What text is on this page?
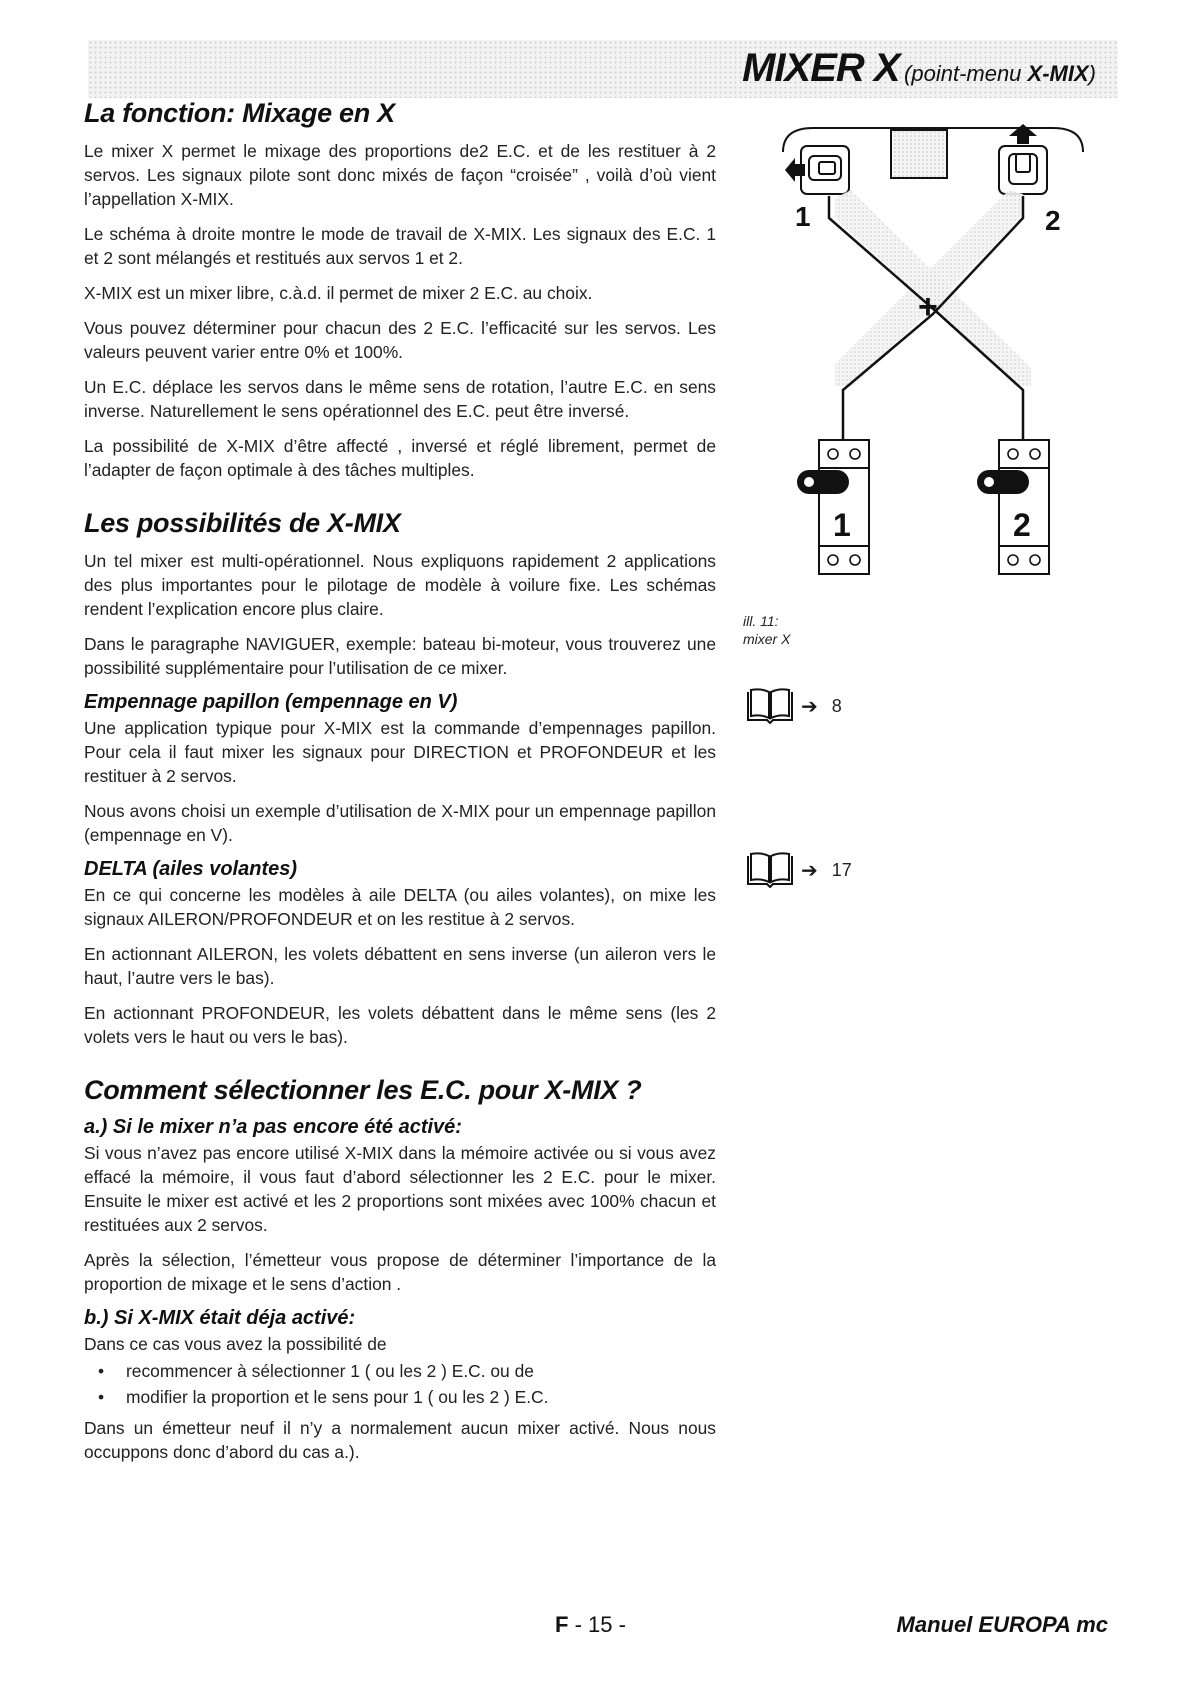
MIXER X (point-menu X-MIX)
La fonction: Mixage en X

Le mixer X permet le mixage des proportions de2 E.C. et de les restituer à 2 servos. Les signaux pilote sont donc mixés de façon “croisée” , voilà d’où vient l’appellation X-MIX.

Le schéma à droite montre le mode de travail de X-MIX. Les signaux des E.C. 1 et 2 sont mélangés et restitués aux servos 1 et 2.

X-MIX est un mixer libre, c.à.d. il permet de mixer 2 E.C. au choix.

Vous pouvez déterminer pour chacun des 2 E.C. l’efficacité sur les servos. Les valeurs peuvent varier entre 0% et 100%.

Un E.C. déplace les servos dans le même sens de rotation, l’autre E.C. en sens inverse. Naturellement le sens opérationnel des E.C. peut être inversé.

La possibilité de X-MIX d’être affecté , inversé et réglé librement, permet de l’adapter de façon optimale à des tâches multiples.

Les possibilités de X-MIX

Un tel mixer est multi-opérationnel. Nous expliquons rapidement 2 applications des plus importantes pour le pilotage de modèle à voilure fixe. Les schémas rendent l’explication encore plus claire.

Dans le paragraphe NAVIGUER, exemple: bateau bi-moteur, vous trouverez une possibilité supplémentaire pour l’utilisation de ce mixer.

Empennage papillon (empennage en V)

Une application typique pour X-MIX est la commande d’empennages papillon. Pour cela il faut mixer les signaux pour DIRECTION et PROFONDEUR et les restituer à 2 servos.

Nous avons choisi un exemple d’utilisation de X-MIX pour un empennage papillon (empennage en V).

DELTA (ailes volantes)

En ce qui concerne les modèles à aile DELTA (ou ailes volantes), on mixe les signaux AILERON/PROFONDEUR et on les restitue à 2 servos.

En actionnant AILERON, les volets débattent en sens inverse (un aileron vers le haut, l’autre vers le bas).

En actionnant PROFONDEUR, les volets débattent dans le même sens (les 2 volets vers le haut ou vers le bas).

Comment sélectionner les E.C. pour X-MIX ?
a.) Si le mixer n’a pas encore été activé:

Si vous n’avez pas encore utilisé X-MIX dans la mémoire activée ou si vous avez effacé la mémoire, il vous faut d’abord sélectionner les 2 E.C. pour le mixer. Ensuite le mixer est activé et les 2 proportions sont mixées avec 100% chacun et restituées aux 2 servos.

Après la sélection, l’émetteur vous propose de déterminer l’importance de la proportion de mixage et le sens d’action .

b.) Si X-MIX était déja activé:

Dans ce cas vous avez la possibilité de

• recommencer à sélectionner 1 ( ou les 2 ) E.C. ou de
• modifier la proportion et le sens pour 1 ( ou les 2 ) E.C.

Dans un émetteur neuf il n’y a normalement aucun mixer activé. Nous nous occuppons donc d’abord du cas a.).

1	2
+
1	2
ill. 11:
mixer X
➔ 8
➔ 17
F - 15 -	Manuel EUROPA mc
